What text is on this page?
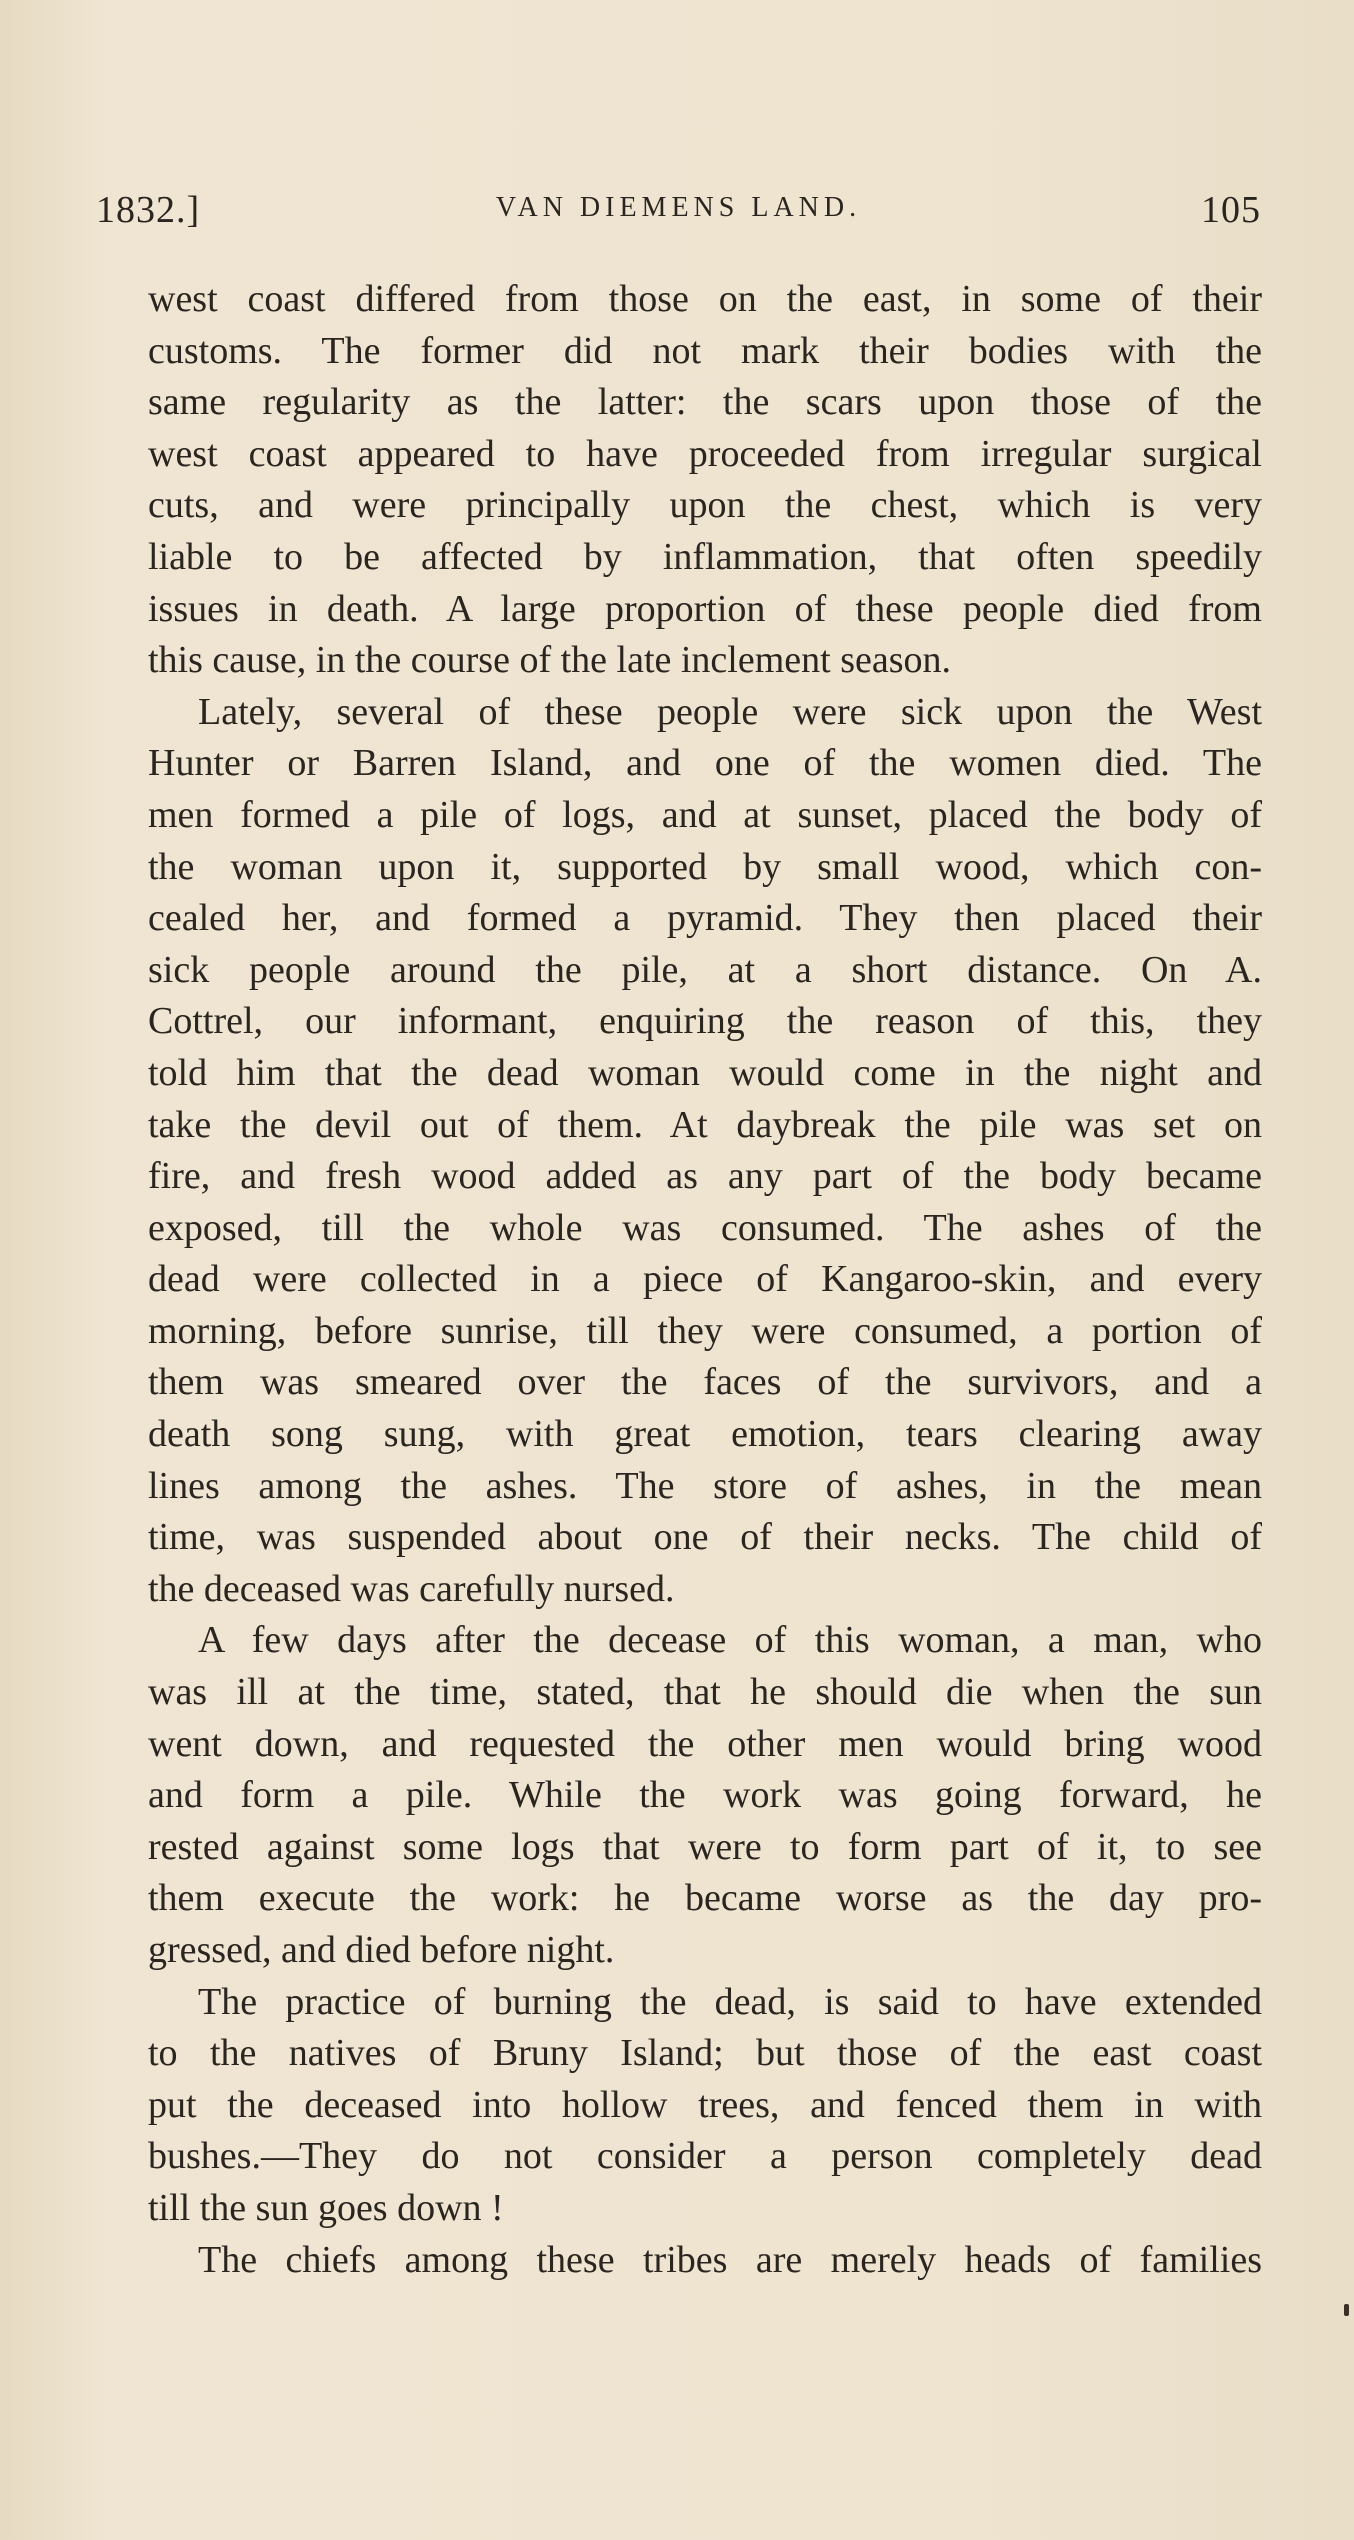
1832.]	VAN DIEMENS LAND.	105
west coast differed from those on the east, in some of their
customs. The former did not mark their bodies with the
same regularity as the latter: the scars upon those of the
west coast appeared to have proceeded from irregular surgical
cuts, and were principally upon the chest, which is very
liable to be affected by inflammation, that often speedily
issues in death. A large proportion of these people died from
this cause, in the course of the late inclement season.
Lately, several of these people were sick upon the West
Hunter or Barren Island, and one of the women died. The
men formed a pile of logs, and at sunset, placed the body of
the woman upon it, supported by small wood, which con-
cealed her, and formed a pyramid. They then placed their
sick people around the pile, at a short distance. On A.
Cottrel, our informant, enquiring the reason of this, they
told him that the dead woman would come in the night and
take the devil out of them. At daybreak the pile was set on
fire, and fresh wood added as any part of the body became
exposed, till the whole was consumed. The ashes of the
dead were collected in a piece of Kangaroo-skin, and every
morning, before sunrise, till they were consumed, a portion of
them was smeared over the faces of the survivors, and a
death song sung, with great emotion, tears clearing away
lines among the ashes. The store of ashes, in the mean
time, was suspended about one of their necks. The child of
the deceased was carefully nursed.
A few days after the decease of this woman, a man, who
was ill at the time, stated, that he should die when the sun
went down, and requested the other men would bring wood
and form a pile. While the work was going forward, he
rested against some logs that were to form part of it, to see
them execute the work: he became worse as the day pro-
gressed, and died before night.
The practice of burning the dead, is said to have extended
to the natives of Bruny Island; but those of the east coast
put the deceased into hollow trees, and fenced them in with
bushes.—They do not consider a person completely dead
till the sun goes down !
The chiefs among these tribes are merely heads of families
